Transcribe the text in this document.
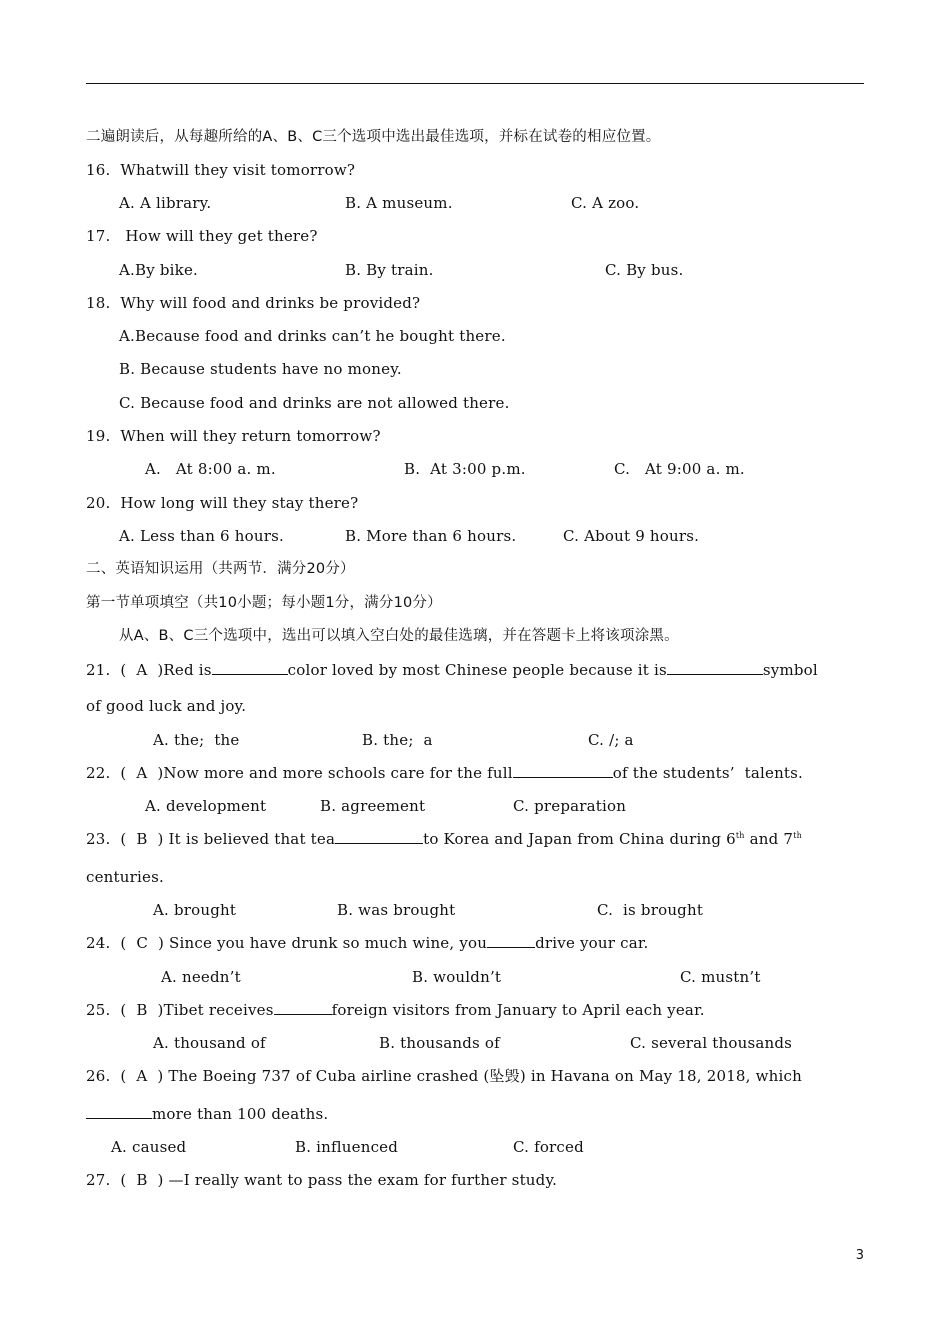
二遍朗读后，从每趣所给的A、B、C三个选项中选出最佳选项，并标在试卷的相应位置。
16.  Whatwill they visit tomorrow?
A. A library.	B. A museum.	C. A zoo.
17.   How will they get there?
A.By bike.	B. By train.	C. By bus.
18.  Why will food and drinks be provided?
A.Because food and drinks can’t he bought there.
B. Because students have no money.
C. Because food and drinks are not allowed there.
19.  When will they return tomorrow?
A.   At 8:00 a. m.	B.  At 3:00 p.m.	C.   At 9:00 a. m.
20.  How long will they stay there?
A. Less than 6 hours.	B. More than 6 hours.	C. About 9 hours.
二、英语知识运用（共两节．满分20分）
第一节单项填空（共10小题；每小题1分，满分10分）
从A、B、C三个选项中，选出可以填入空白处的最佳选璃，并在答题卡上将该项涂黑。
21.  (  A  )Red is	color loved by most Chinese people because it is	symbol
of good luck and joy.
A. the;  the	B. the;  a	C. /; a
22.  (  A  )Now more and more schools care for the full	of the students’  talents.
A. development	B. agreement	C. preparation
23.  (  B  ) It is believed that tea	to Korea and Japan from China during 6th and 7th
centuries.
A. brought	B. was brought	C.  is brought
24.  (  C  ) Since you have drunk so much wine, you	drive your car.
A. needn’t	B. wouldn’t	C. mustn’t
25.  (  B  )Tibet receives	foreign visitors from January to April each year.
A. thousand of	B. thousands of	C. several thousands
26.  (  A  ) The Boeing 737 of Cuba airline crashed (坠毁) in Havana on May 18, 2018, which
more than 100 deaths.
A. caused	B. influenced	C. forced
27.  (  B  ) —I really want to pass the exam for further study.
3
